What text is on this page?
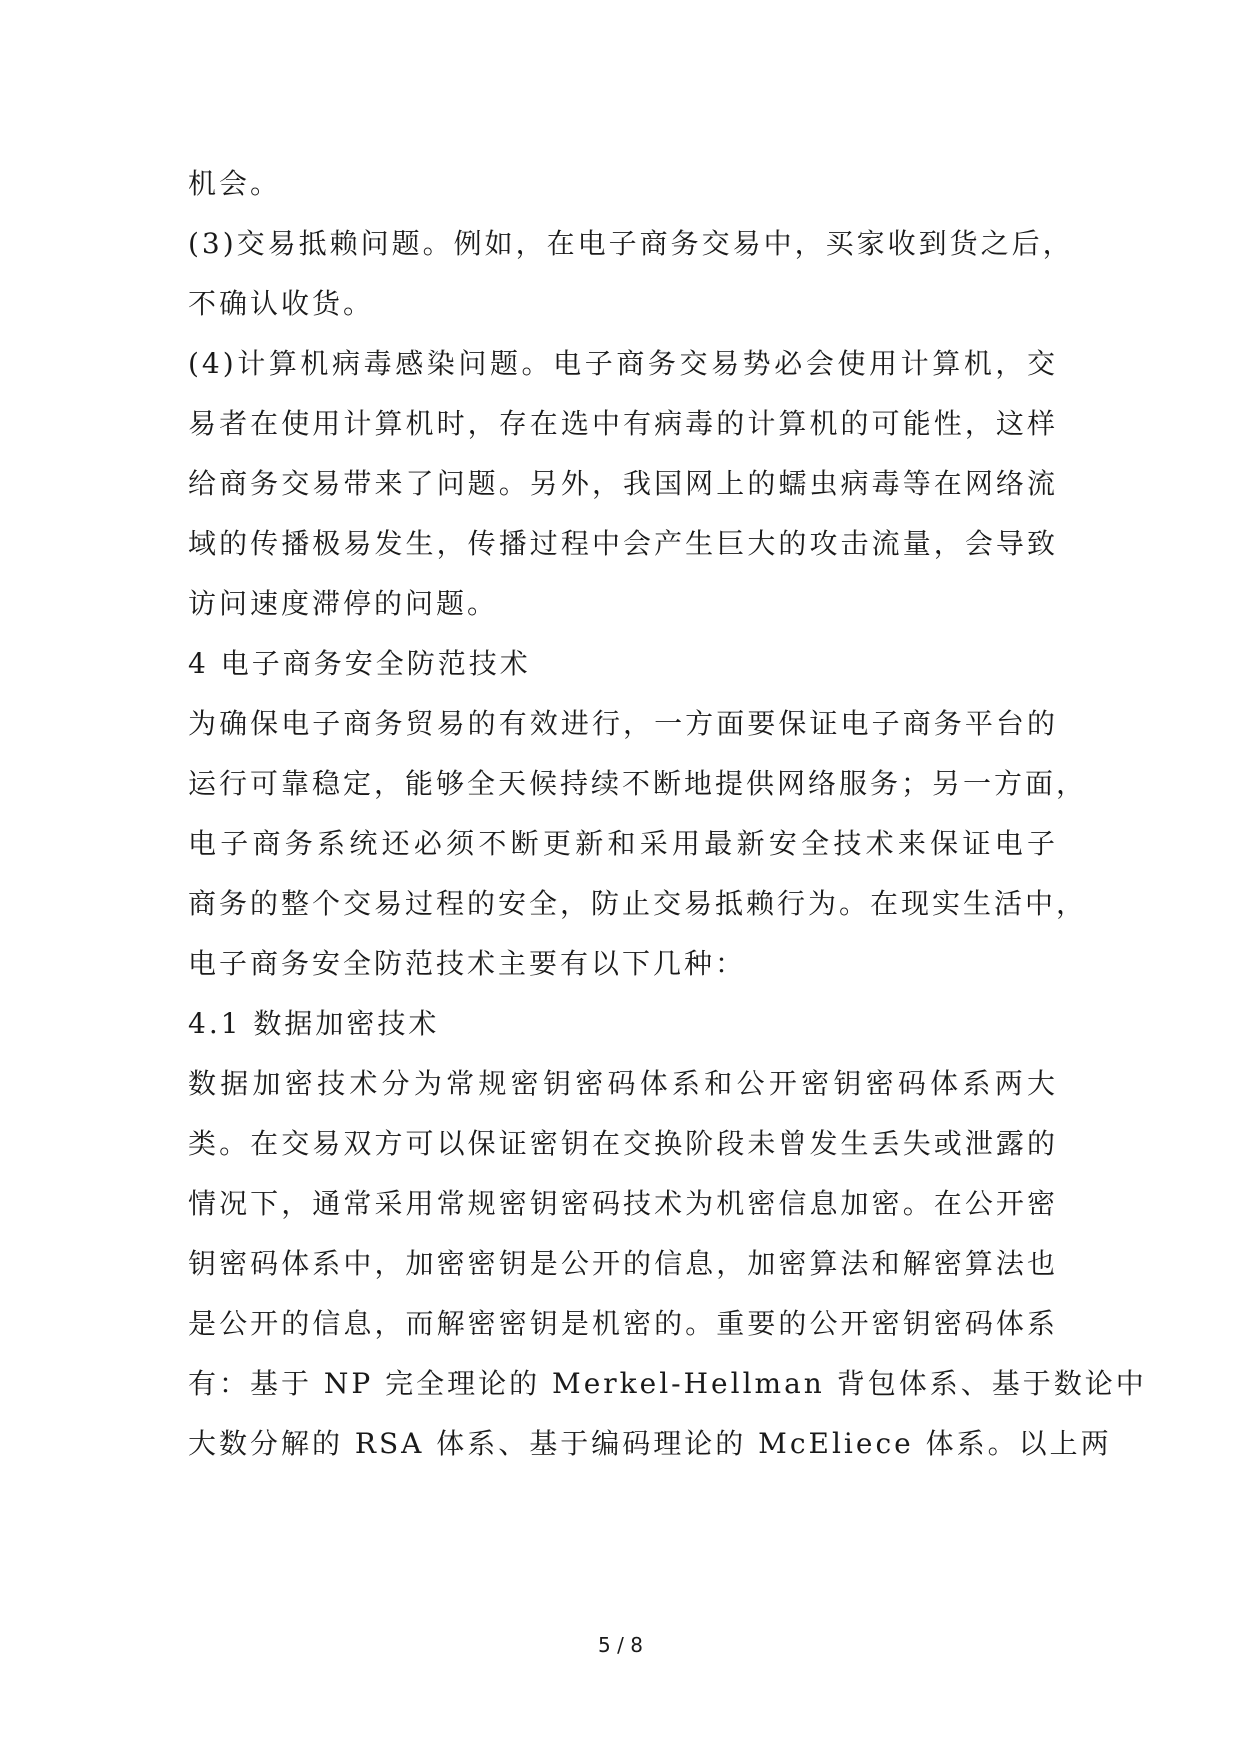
机会。
(3)交易抵赖问题。例如，在电子商务交易中，买家收到货之后，
不确认收货。
(4)计算机病毒感染问题。电子商务交易势必会使用计算机，交
易者在使用计算机时，存在选中有病毒的计算机的可能性，这样
给商务交易带来了问题。另外，我国网上的蠕虫病毒等在网络流
域的传播极易发生，传播过程中会产生巨大的攻击流量，会导致
访问速度滞停的问题。
4 电子商务安全防范技术
为确保电子商务贸易的有效进行，一方面要保证电子商务平台的
运行可靠稳定，能够全天候持续不断地提供网络服务；另一方面，
电子商务系统还必须不断更新和采用最新安全技术来保证电子
商务的整个交易过程的安全，防止交易抵赖行为。在现实生活中，
电子商务安全防范技术主要有以下几种：
4.1 数据加密技术
数据加密技术分为常规密钥密码体系和公开密钥密码体系两大
类。在交易双方可以保证密钥在交换阶段未曾发生丢失或泄露的
情况下，通常采用常规密钥密码技术为机密信息加密。在公开密
钥密码体系中，加密密钥是公开的信息，加密算法和解密算法也
是公开的信息，而解密密钥是机密的。重要的公开密钥密码体系
有：基于 NP 完全理论的 Merkel-Hellman 背包体系、基于数论中
大数分解的 RSA 体系、基于编码理论的 McEliece 体系。以上两
5 / 8
